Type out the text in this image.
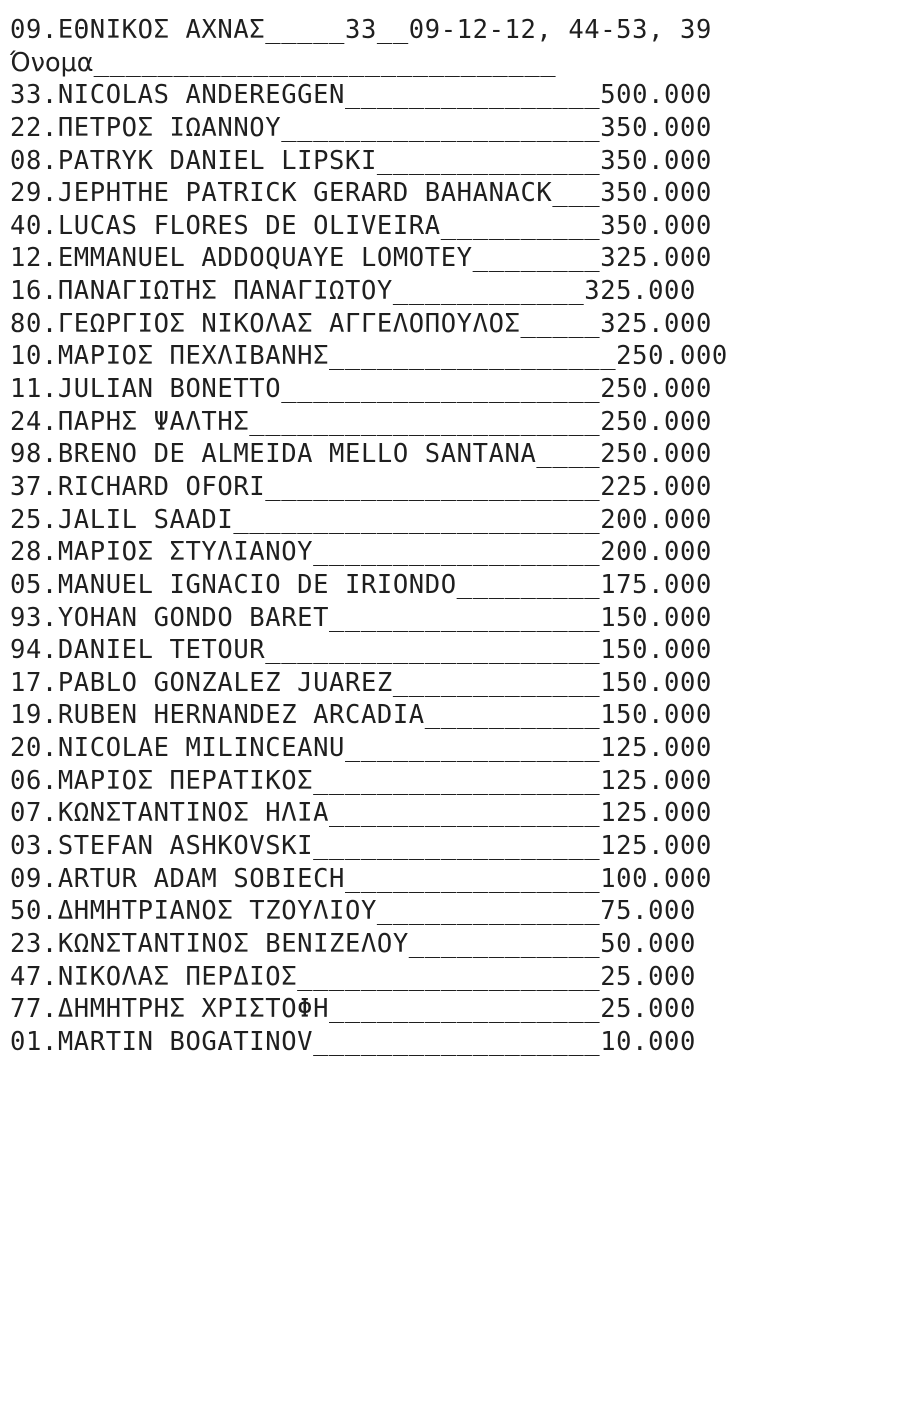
09.ΕΘΝΙΚΟΣ ΑΧΝΑΣ_____33__09-12-12, 44-53, 39
Όνομα_____________________________
33.NICOLAS ANDEREGGEN________________500.000
22.ΠΕΤΡΟΣ ΙΩΑΝΝΟΥ____________________350.000
08.PATRYK DANIEL LIPSKI______________350.000
29.JEPHTHE PATRICK GERARD BAHANACK___350.000
40.LUCAS FLORES DE OLIVEIRA__________350.000
12.EMMANUEL ADDOQUAYE LOMOTEY________325.000
16.ΠΑΝΑΓΙΩΤΗΣ ΠΑΝΑΓΙΩΤΟΥ____________325.000
80.ΓΕΩΡΓΙΟΣ ΝΙΚΟΛΑΣ ΑΓΓΕΛΟΠΟΥΛΟΣ_____325.000
10.ΜΑΡΙΟΣ ΠΕΧΛΙΒΑΝΗΣ__________________250.000
11.JULIAN BONETTO____________________250.000
24.ΠΑΡΗΣ ΨΑΛΤΗΣ______________________250.000
98.BRENO DE ALMEIDA MELLO SANTANA____250.000
37.RICHARD OFORI_____________________225.000
25.JALIL SAADI_______________________200.000
28.ΜΑΡΙΟΣ ΣΤΥΛΙΑΝΟΥ__________________200.000
05.MANUEL IGNACIO DE IRIONDO_________175.000
93.YOHAN GONDO BARET_________________150.000
94.DANIEL TETOUR_____________________150.000
17.PABLO GONZALEZ JUAREZ_____________150.000
19.RUBEN HERNANDEZ ARCADIA___________150.000
20.NICOLAE MILINCEANU________________125.000
06.ΜΑΡΙΟΣ ΠΕΡΑΤΙΚΟΣ__________________125.000
07.ΚΩΝΣΤΑΝΤΙΝΟΣ ΗΛΙΑ_________________125.000
03.STEFAN ASHKOVSKI__________________125.000
09.ARTUR ADAM SOBIECH________________100.000
50.ΔΗΜΗΤΡΙΑΝΟΣ ΤΖΟΥΛΙΟΥ______________75.000
23.ΚΩΝΣΤΑΝΤΙΝΟΣ ΒΕΝΙΖΕΛΟΥ____________50.000
47.ΝΙΚΟΛΑΣ ΠΕΡΔΙΟΣ___________________25.000
77.ΔΗΜΗΤΡΗΣ ΧΡΙΣΤΟΦΗ_________________25.000
01.MARTIN BOGATINOV__________________10.000
